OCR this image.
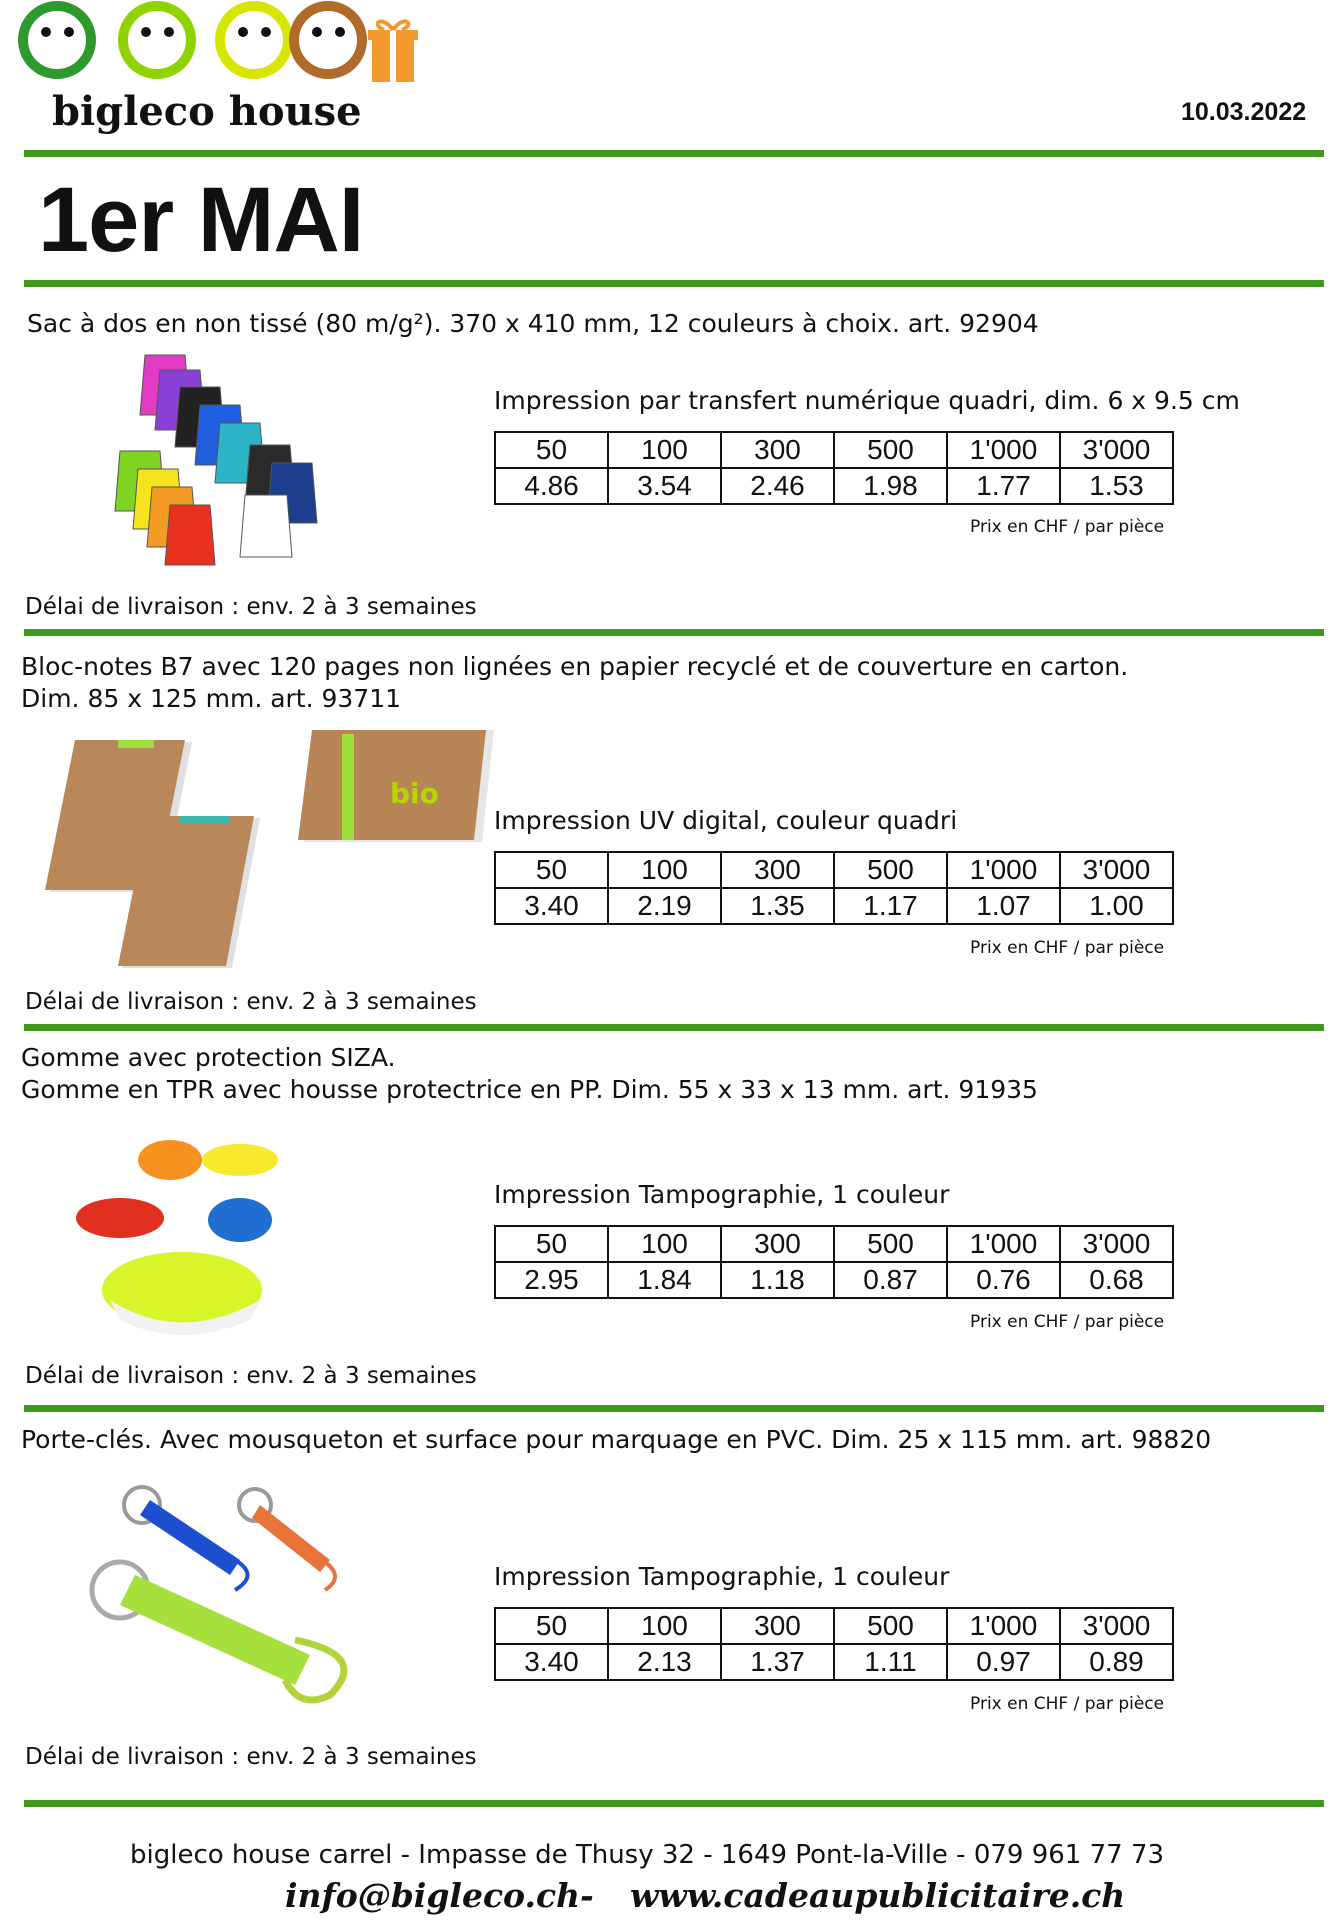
bigleco house	10.03.2022
1er MAI
Sac à dos en non tissé (80 m/g²). 370 x 410 mm, 12 couleurs à choix. art. 92904
Impression par transfert numérique quadri, dim. 6 x 9.5 cm
50	100	300	500	1'000	3'000
4.86	3.54	2.46	1.98	1.77	1.53
Prix en CHF / par pièce
Délai de livraison : env. 2 à 3 semaines
Bloc-notes B7 avec 120 pages non lignées en papier recyclé et de couverture en carton.
Dim. 85 x 125 mm. art. 93711
bio
Impression UV digital, couleur quadri
50	100	300	500	1'000	3'000
3.40	2.19	1.35	1.17	1.07	1.00
Prix en CHF / par pièce
Délai de livraison : env. 2 à 3 semaines
Gomme avec protection SIZA.
Gomme en TPR avec housse protectrice en PP. Dim. 55 x 33 x 13 mm. art. 91935
Impression Tampographie, 1 couleur
50	100	300	500	1'000	3'000
2.95	1.84	1.18	0.87	0.76	0.68
Prix en CHF / par pièce
Délai de livraison : env. 2 à 3 semaines
Porte-clés. Avec mousqueton et surface pour marquage en PVC. Dim. 25 x 115 mm. art. 98820
Impression Tampographie, 1 couleur
50	100	300	500	1'000	3'000
3.40	2.13	1.37	1.11	0.97	0.89
Prix en CHF / par pièce
Délai de livraison : env. 2 à 3 semaines
bigleco house carrel - Impasse de Thusy 32 - 1649 Pont-la-Ville - 079 961 77 73
info@bigleco.ch - www.cadeaupublicitaire.ch
